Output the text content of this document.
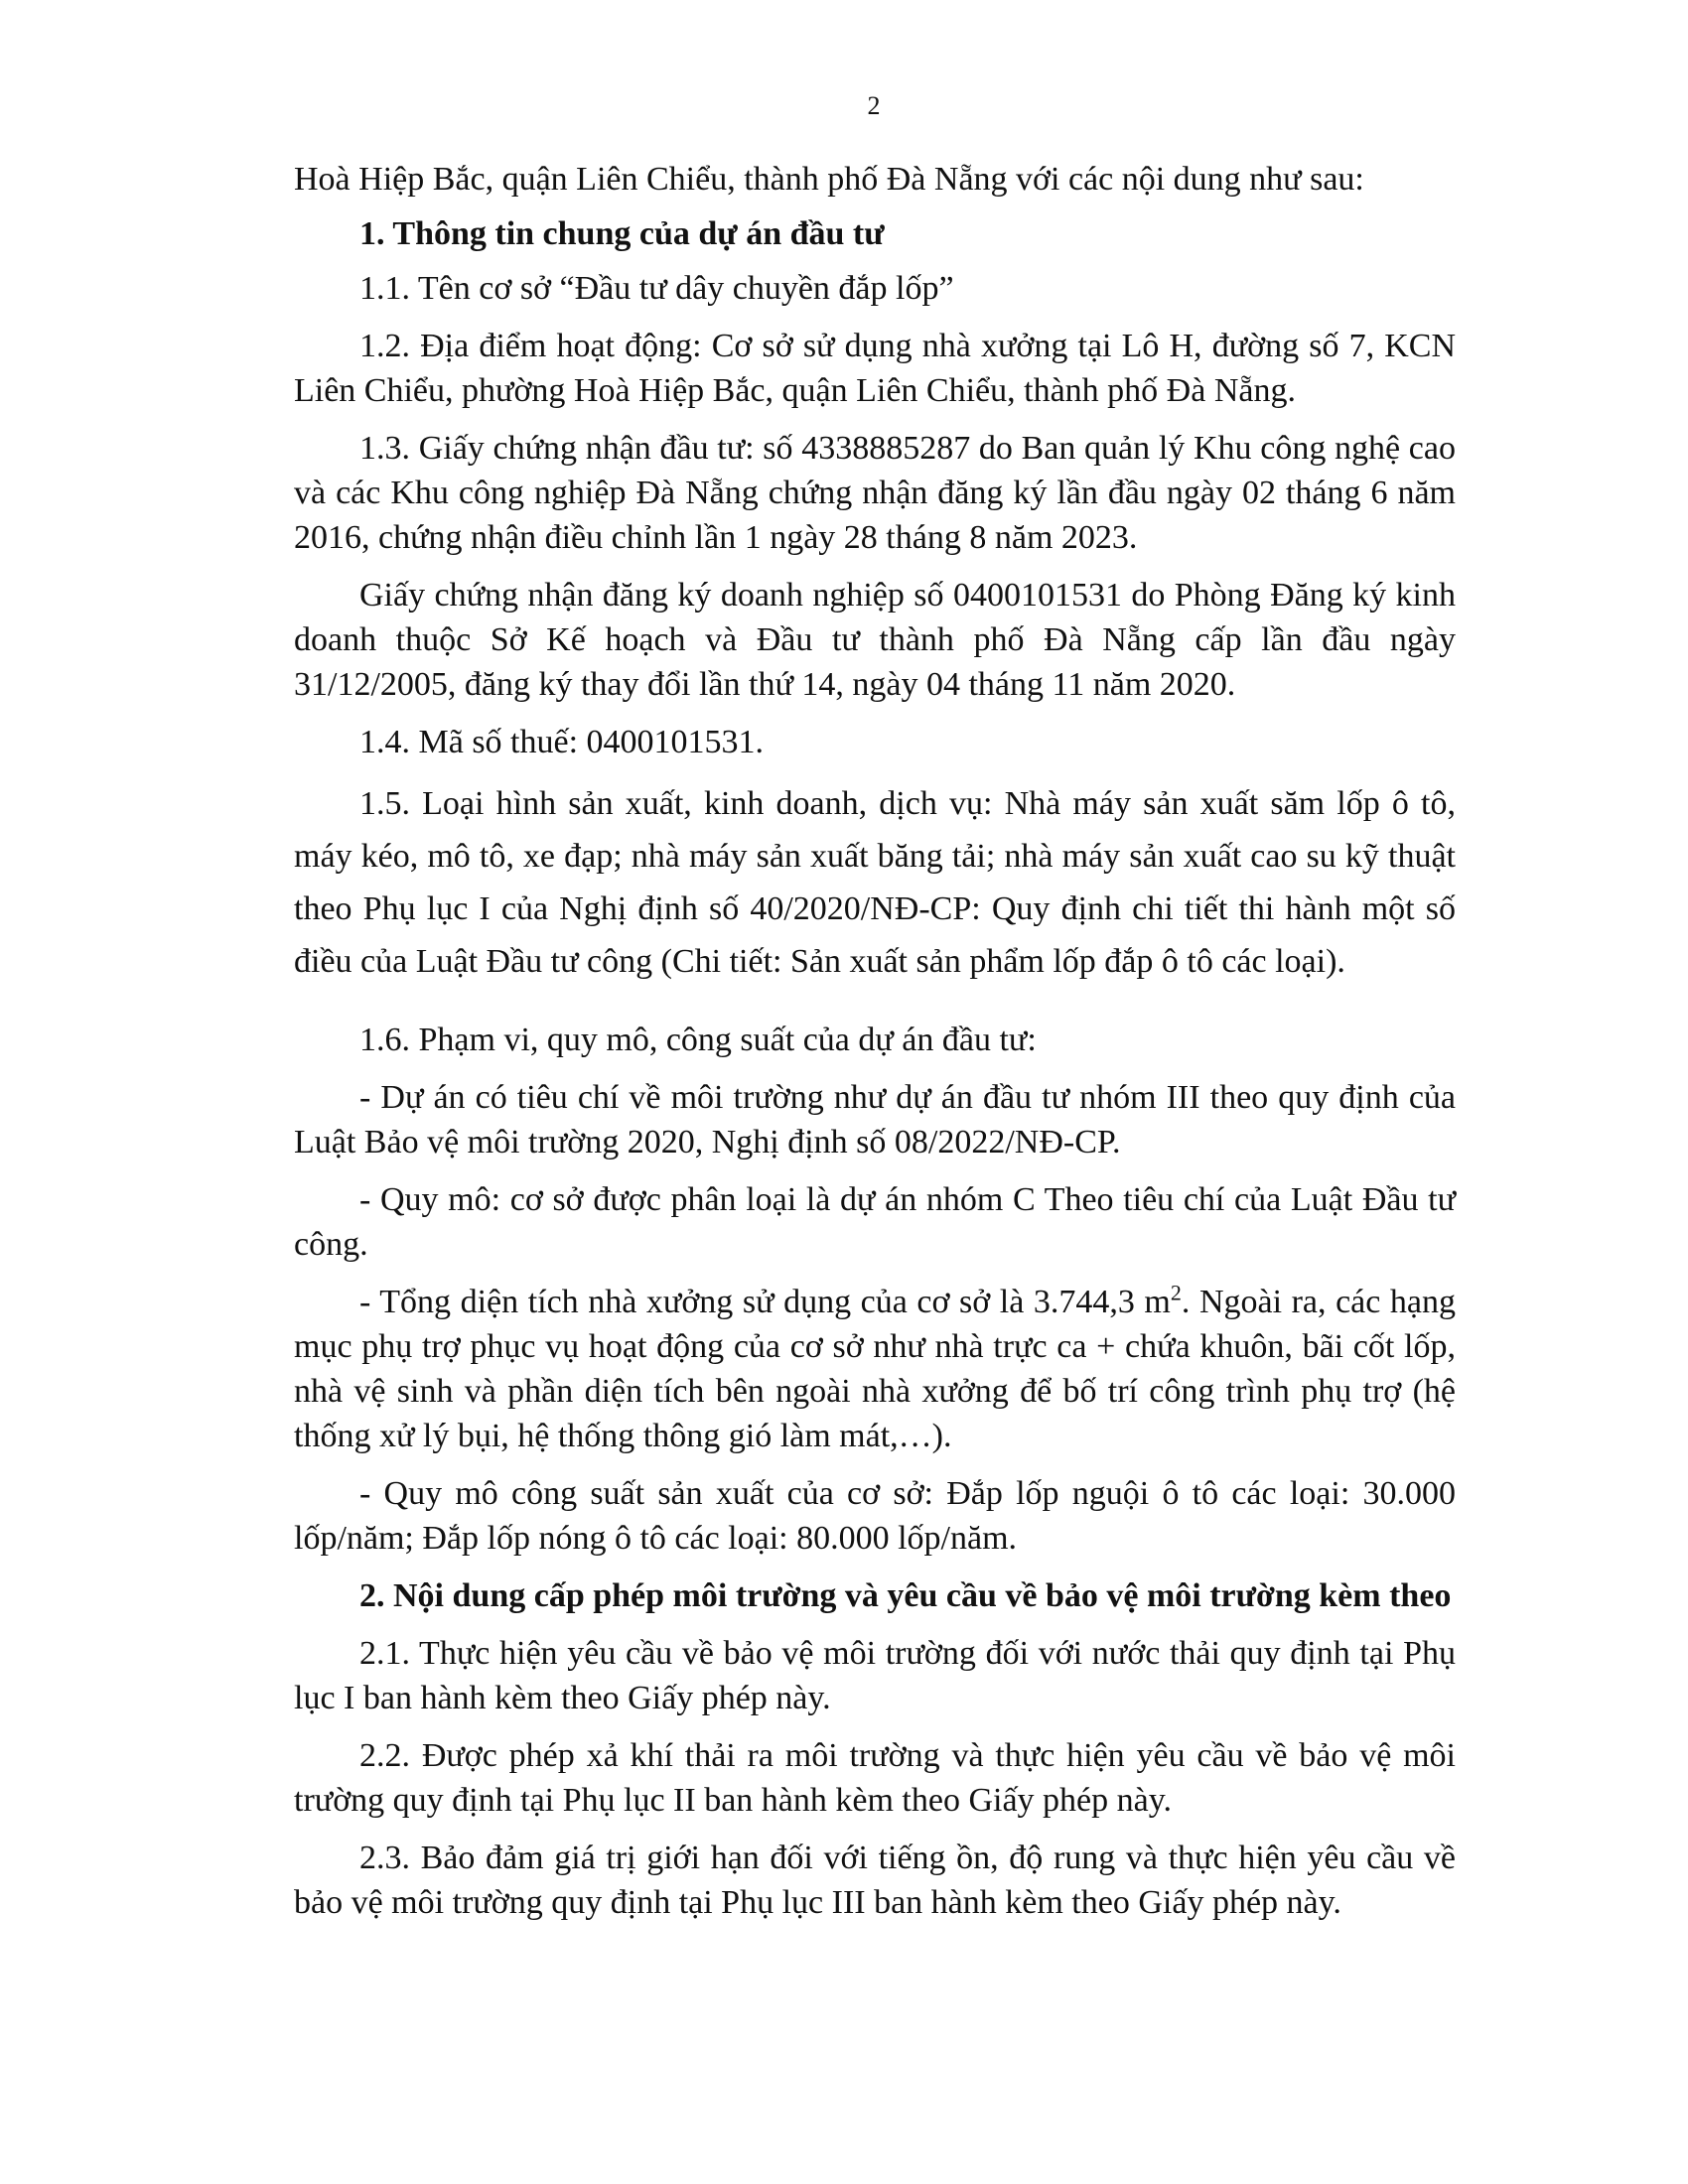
2

Hoà Hiệp Bắc, quận Liên Chiểu, thành phố Đà Nẵng với các nội dung như sau:

1. Thông tin chung của dự án đầu tư

1.1. Tên cơ sở “Đầu tư dây chuyền đắp lốp”

1.2. Địa điểm hoạt động: Cơ sở sử dụng nhà xưởng tại Lô H, đường số 7, KCN Liên Chiểu, phường Hoà Hiệp Bắc, quận Liên Chiểu, thành phố Đà Nẵng.

1.3. Giấy chứng nhận đầu tư: số 4338885287 do Ban quản lý Khu công nghệ cao và các Khu công nghiệp Đà Nẵng chứng nhận đăng ký lần đầu ngày 02 tháng 6 năm 2016, chứng nhận điều chỉnh lần 1 ngày 28 tháng 8 năm 2023.

Giấy chứng nhận đăng ký doanh nghiệp số 0400101531 do Phòng Đăng ký kinh doanh thuộc Sở Kế hoạch và Đầu tư thành phố Đà Nẵng cấp lần đầu ngày 31/12/2005, đăng ký thay đổi lần thứ 14, ngày 04 tháng 11 năm 2020.

1.4. Mã số thuế: 0400101531.

1.5. Loại hình sản xuất, kinh doanh, dịch vụ: Nhà máy sản xuất săm lốp ô tô, máy kéo, mô tô, xe đạp; nhà máy sản xuất băng tải; nhà máy sản xuất cao su kỹ thuật theo Phụ lục I của Nghị định số 40/2020/NĐ-CP: Quy định chi tiết thi hành một số điều của Luật Đầu tư công (Chi tiết: Sản xuất sản phẩm lốp đắp ô tô các loại).

1.6. Phạm vi, quy mô, công suất của dự án đầu tư:

- Dự án có tiêu chí về môi trường như dự án đầu tư nhóm III theo quy định của Luật Bảo vệ môi trường 2020, Nghị định số 08/2022/NĐ-CP.

- Quy mô: cơ sở được phân loại là dự án nhóm C Theo tiêu chí của Luật Đầu tư công.

- Tổng diện tích nhà xưởng sử dụng của cơ sở là 3.744,3 $m^2$. Ngoài ra, các hạng mục phụ trợ phục vụ hoạt động của cơ sở như nhà trực ca + chứa khuôn, bãi cốt lốp, nhà vệ sinh và phần diện tích bên ngoài nhà xưởng để bố trí công trình phụ trợ (hệ thống xử lý bụi, hệ thống thông gió làm mát,…).

- Quy mô công suất sản xuất của cơ sở: Đắp lốp nguội ô tô các loại: 30.000 lốp/năm; Đắp lốp nóng ô tô các loại: 80.000 lốp/năm.

2. Nội dung cấp phép môi trường và yêu cầu về bảo vệ môi trường kèm theo

2.1. Thực hiện yêu cầu về bảo vệ môi trường đối với nước thải quy định tại Phụ lục I ban hành kèm theo Giấy phép này.

2.2. Được phép xả khí thải ra môi trường và thực hiện yêu cầu về bảo vệ môi trường quy định tại Phụ lục II ban hành kèm theo Giấy phép này.

2.3. Bảo đảm giá trị giới hạn đối với tiếng ồn, độ rung và thực hiện yêu cầu về bảo vệ môi trường quy định tại Phụ lục III ban hành kèm theo Giấy phép này.
